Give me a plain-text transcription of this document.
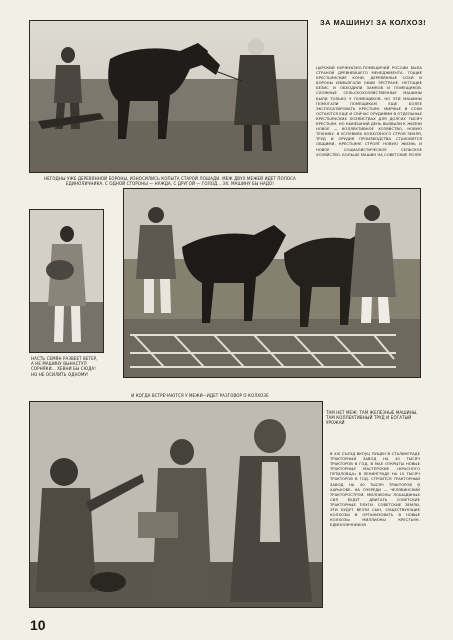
ЗА МАШИНУ! ЗА КОЛХОЗ!
ЦАРСКИЙ БУРЖУАЗНО-ПОМЕЩИЧИЙ РОССИИ БЫЛА СТРАНОЙ ДРЕВНЕЙШЕГО МЕНЕДЖМЕНТА. ТОЩИЕ КРЕСТЬЯНСКИЕ КОНИ, ДЕРЕВЯННЫЕ СОХИ И БОРОНЫ ИЗМЫЗГАЛИ ОКИИ ЭРСТРАНЕ. НЕТОЩИЕ БЕЗИС И ОБХОДИЛИ ЗАМКОВ И ПОМЕЩИКОВ. СЛОЖНЫЕ СЕЛЬСКОХОЗЯЙСТВЕННЫЕ МАШИНЫ БЫЛИ ТОЛЬКО У ПОМЕЩИКОВ. НО ЭТИ МАШИНЫ ПОМОГАЛИ ПОМЕЩИКАМ ЕЩЕ БОЛЕЕ ЭКСПЛОАТИРОВАТЬ КРЕСТЬЯН. МИРНЫЕ И СОХИ ОСТАЮТСЯ ЕЩЕ И СЕЙЧАС ОРУДИЯМИ В ОТДЕЛЬНЫХ КРЕСТЬЯНСКИХ ХОЗЯЙСТВАХ ДЛЯ ДОЛГИХ ТЫСЯЧ КРЕСТЬЯН. НО НЫНЕШНИЙ ДЕНЬ ВЫЗВАЛИ К ЖИЗНИ НОВОЕ — КОЛЛЕКТИВНОЕ ХОЗЯЙСТВО, НОВУЮ ТЕХНИКУ. В УСЛОВИЯХ КОЛХОЗНОГО СТРОЯ ЗЕМЛЯ, ТРУД И ОРУДИЯ ПРОИЗВОДСТВА СТАНОВЯТСЯ ОБЩИМИ. КРЕСТЬЯНЕ СТРОЯТ НОВУЮ ЖИЗНЬ И НОВОЕ СОЦИАЛИСТИЧЕСКОЕ СЕЛЬСКОЕ ХОЗЯЙСТВО. БОЛЬШЕ МАШИН НА СОВЕТСКИЕ ПОЛЯ!
НЕГОДНЫ УЖЕ ДЕРЕВЯННОЙ БОРОНЫ, ИЗНОСИЛИСЬ КОПЫТА СТАРОЙ ЛОШАДИ. МЕЖ ДВУХ МЕЖЕЙ ИДЕТ ПОЛОСА ЕДИНОЛИЧНИКА. С ОДНОЙ СТОРОНЫ — НУЖДА, С ДРУГОЙ — ГОЛОД... ЭХ, МАШИНУ БЫ НАДО!
НАСТЬ СЕМЯН РАЗВЕЕТ ВЕТЕР, А НЕ МАШИНУ ВЫНАСТУП СОРНЯКИ... ХЕВНИ БЫ СЮДА! НО НЕ ОСИЛИТЬ ОДНОМУ!
И КОГДА ВСТРЕЧАЮТСЯ У МЕЖИ—ИДЕТ РАЗГОВОР О КОЛХОЗЕ
ТАМ НЕТ МЕЖ: ТАМ ЖЕЛЕЗНЫЕ МАШИНЫ, ТАМ КОЛЛЕКТИВНЫЙ ТРУД И БОГАТЫЙ УРОЖАЙ
В XVI СЪЕЗД ВКП(Б) ПУЩЕН В СТАЛИНГРАДЕ ТРАКТОРНЫЙ ЗАВОД НА 40 ТЫСЯЧ ТРАКТОРОВ В ГОД. В МАЕ ОТКРЫТЫ НОВЫЕ ТРАКТОРНЫЕ МАСТЕРСКИЕ «КРАСНОГО ПУТИЛОВЦА» В ЛЕНИНГРАДЕ НА 10 ТЫСЯЧ ТРАКТОРОВ В ГОД. СТРОИТСЯ ТРАКТОРНЫЙ ЗАВОД НА 40 ТЫСЯЧ ТРАКТОРОВ В ХАРЬКОВЕ. НА ОЧЕРЕДИ — ЧЕЛЯБИНСКИЙ ТРАКТОРОСТРОЙ. МИЛЛИОНЫ ЛОШАДИНЫХ СИЛ БУДУТ ДВИГАТЬ СОВЕТСКИЕ ТРАКТОРНЫЕ ПЛУГИ. СОВЕТСКИЕ ЗЕМЛИ, ЭТИ БУДУТ ВЕЗТИ СЫН, СУЩЕСТВУЮЩИЕ КОЛХОЗЫ И ОРГАНИЗОВАТЬ В НОВЫЕ КОЛХОЗЫ МИЛЛИОНЫ КРЕСТЬЯН-ЕДИНОЛИЧНИКОВ
10
